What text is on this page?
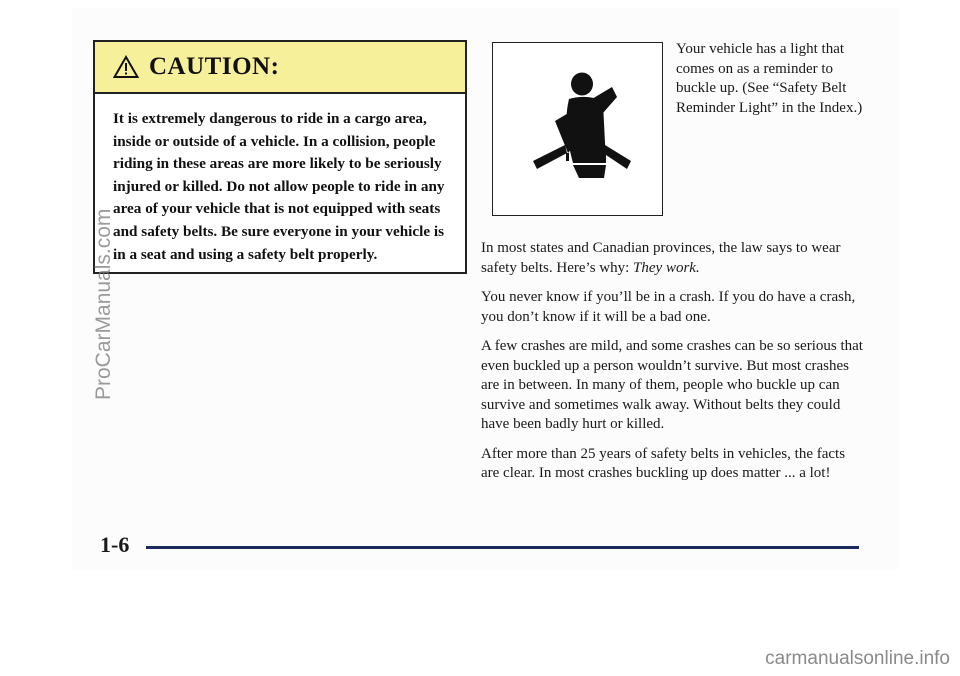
CAUTION:
It is extremely dangerous to ride in a cargo area, inside or outside of a vehicle. In a collision, people riding in these areas are more likely to be seriously injured or killed. Do not allow people to ride in any area of your vehicle that is not equipped with seats and safety belts. Be sure everyone in your vehicle is in a seat and using a safety belt properly.
Your vehicle has a light that comes on as a reminder to buckle up. (See “Safety Belt Reminder Light” in the Index.)

In most states and Canadian provinces, the law says to wear safety belts. Here’s why: They work.

You never know if you’ll be in a crash. If you do have a crash, you don’t know if it will be a bad one.

A few crashes are mild, and some crashes can be so serious that even buckled up a person wouldn’t survive. But most crashes are in between. In many of them, people who buckle up can survive and sometimes walk away. Without belts they could have been badly hurt or killed.

After more than 25 years of safety belts in vehicles, the facts are clear. In most crashes buckling up does matter ... a lot!

1-6
ProCarManuals.com
carmanualsonline.info
